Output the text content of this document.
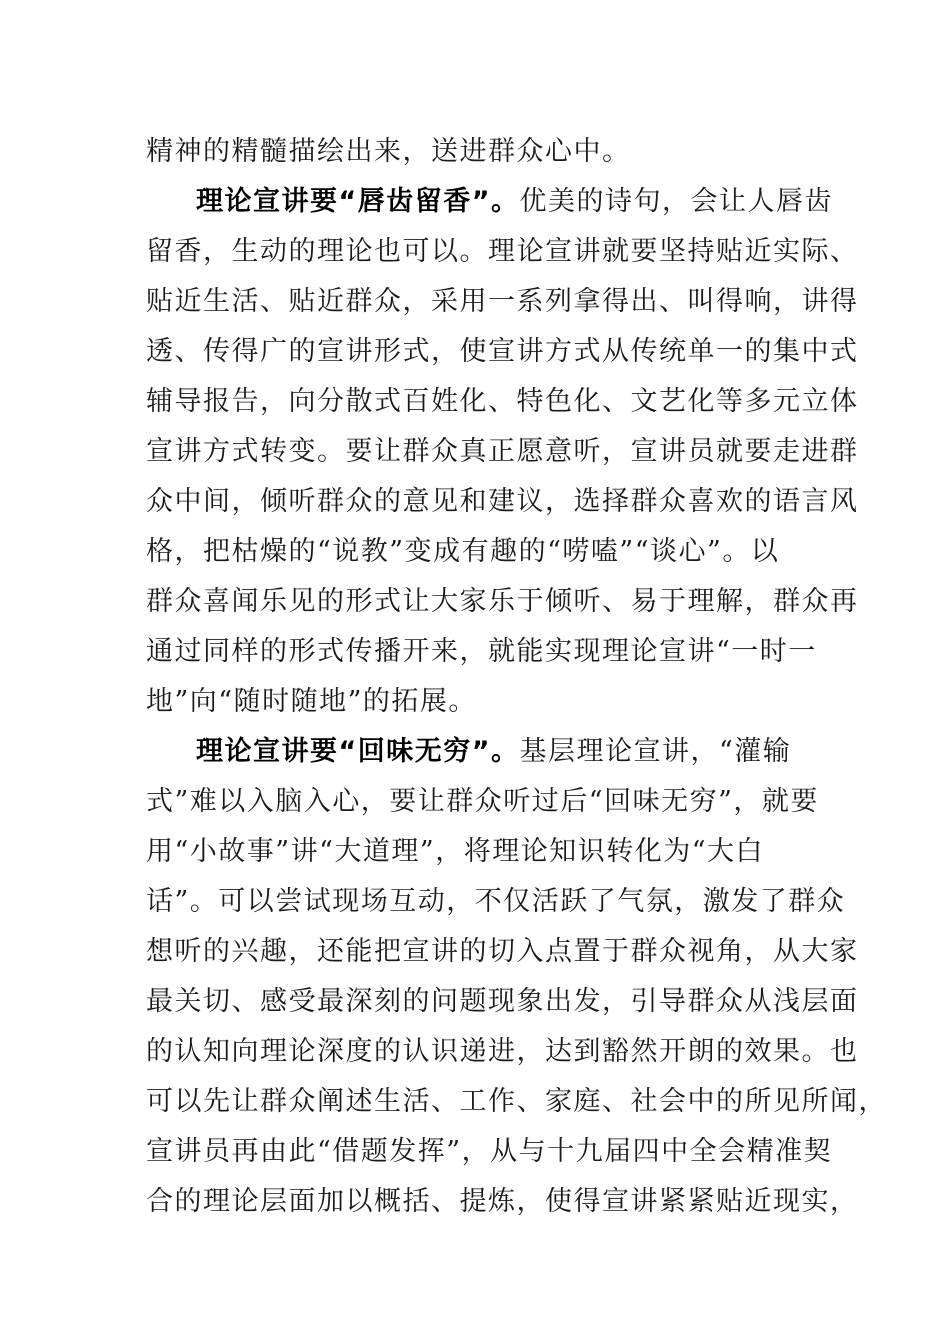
精神的精髓描绘出来，送进群众心中。
理论宣讲要“唇齿留香”。优美的诗句，会让人唇齿
留香，生动的理论也可以。理论宣讲就要坚持贴近实际、
贴近生活、贴近群众，采用一系列拿得出、叫得响，讲得
透、传得广的宣讲形式，使宣讲方式从传统单一的集中式
辅导报告，向分散式百姓化、特色化、文艺化等多元立体
宣讲方式转变。要让群众真正愿意听，宣讲员就要走进群
众中间，倾听群众的意见和建议，选择群众喜欢的语言风
格，把枯燥的“说教”变成有趣的“唠嗑”“谈心”。以
群众喜闻乐见的形式让大家乐于倾听、易于理解，群众再
通过同样的形式传播开来，就能实现理论宣讲“一时一
地”向“随时随地”的拓展。
理论宣讲要“回味无穷”。基层理论宣讲，“灌输
式”难以入脑入心，要让群众听过后“回味无穷”，就要
用“小故事”讲“大道理”，将理论知识转化为“大白
话”。可以尝试现场互动，不仅活跃了气氛，激发了群众
想听的兴趣，还能把宣讲的切入点置于群众视角，从大家
最关切、感受最深刻的问题现象出发，引导群众从浅层面
的认知向理论深度的认识递进，达到豁然开朗的效果。也
可以先让群众阐述生活、工作、家庭、社会中的所见所闻，
宣讲员再由此“借题发挥”，从与十九届四中全会精准契
合的理论层面加以概括、提炼，使得宣讲紧紧贴近现实，
